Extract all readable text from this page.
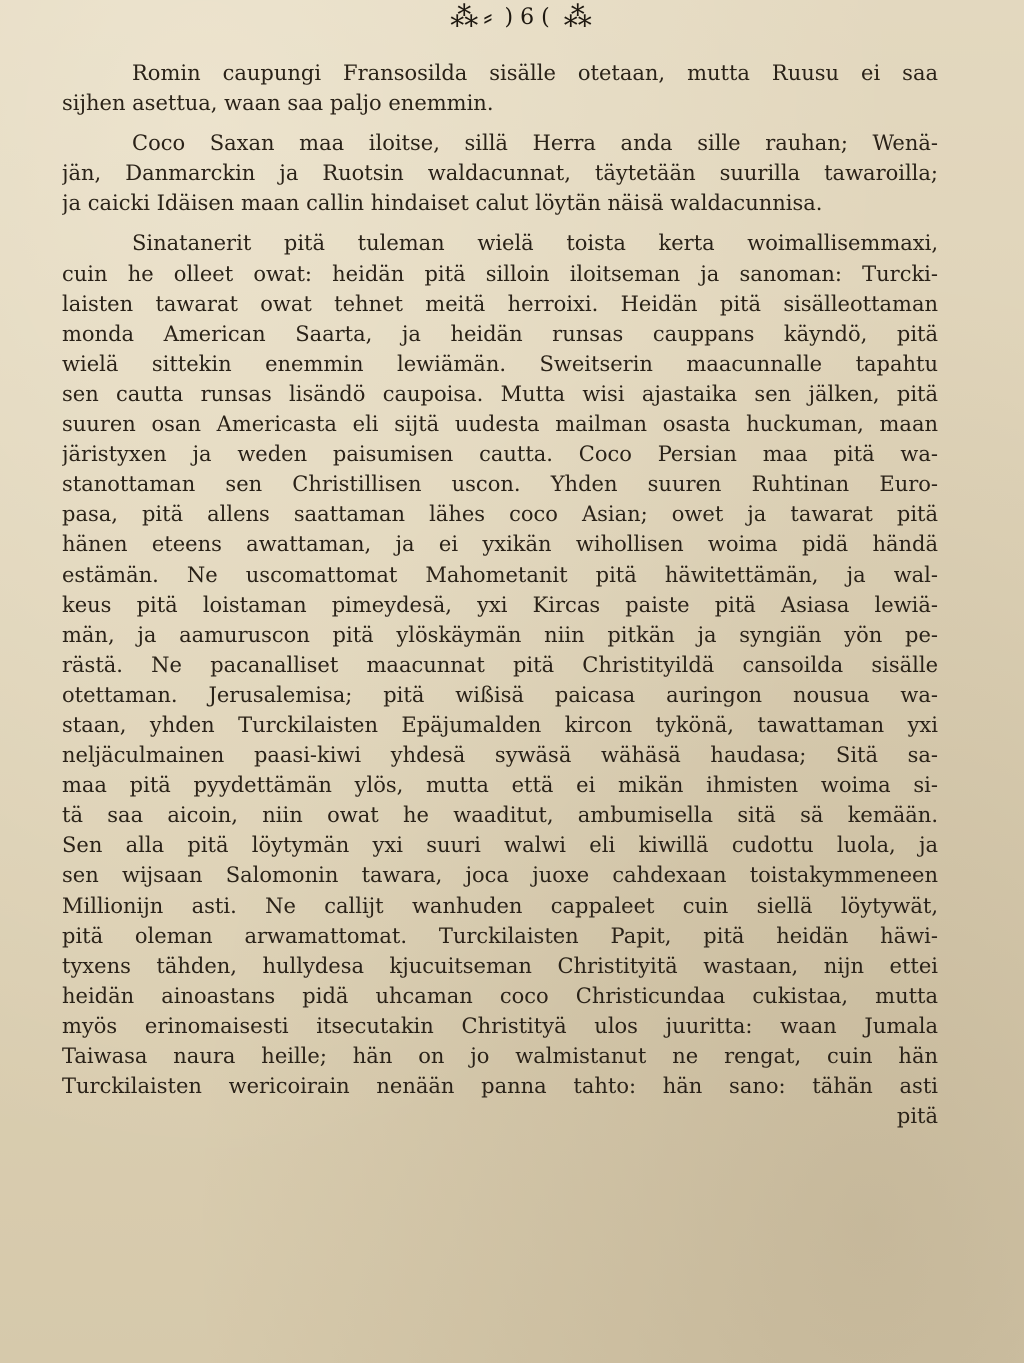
⁂ ⸗ ) 6 ( ⁂
Romin caupungi Fransosilda sisälle otetaan, mutta Ruusu ei saa
sijhen asettua, waan saa paljo enemmin.
Coco Saxan maa iloitse, sillä Herra anda sille rauhan; Wenä-
jän, Danmarckin ja Ruotsin waldacunnat, täytetään suurilla tawaroilla;
ja caicki Idäisen maan callin hindaiset calut löytän näisä waldacunnisa.
Sinatanerit pitä tuleman wielä toista kerta woimallisemmaxi,
cuin he olleet owat: heidän pitä silloin iloitseman ja sanoman: Turcki-
laisten tawarat owat tehnet meitä herroixi. Heidän pitä sisälleottaman
monda American Saarta, ja heidän runsas cauppans käyndö, pitä
wielä sittekin enemmin lewiämän. Sweitserin maacunnalle tapahtu
sen cautta runsas lisändö caupoisa. Mutta wisi ajastaika sen jälken, pitä
suuren osan Americasta eli sijtä uudesta mailman osasta huckuman, maan
järistyxen ja weden paisumisen cautta. Coco Persian maa pitä wa-
stanottaman sen Christillisen uscon. Yhden suuren Ruhtinan Euro-
pasa, pitä allens saattaman lähes coco Asian; owet ja tawarat pitä
hänen eteens awattaman, ja ei yxikän wihollisen woima pidä händä
estämän. Ne uscomattomat Mahometanit pitä häwitettämän, ja wal-
keus pitä loistaman pimeydesä, yxi Kircas paiste pitä Asiasa lewiä-
män, ja aamuruscon pitä ylöskäymän niin pitkän ja syngiän yön pe-
rästä. Ne pacanalliset maacunnat pitä Christityildä cansoilda sisälle
otettaman. Jerusalemisa; pitä wißisä paicasa auringon nousua wa-
staan, yhden Turckilaisten Epäjumalden kircon tykönä, tawattaman yxi
neljäculmainen paasi-kiwi yhdesä sywäsä wähäsä haudasa; Sitä sa-
maa pitä pyydettämän ylös, mutta että ei mikän ihmisten woima si-
tä saa aicoin, niin owat he waaditut, ambumisella sitä sä kemään.
Sen alla pitä löytymän yxi suuri walwi eli kiwillä cudottu luola, ja
sen wijsaan Salomonin tawara, joca juoxe cahdexaan toistakymmeneen
Millionijn asti. Ne callijt wanhuden cappaleet cuin siellä löytywät,
pitä oleman arwamattomat. Turckilaisten Papit, pitä heidän häwi-
tyxens tähden, hullydesa kjucuitseman Christityitä wastaan, nijn ettei
heidän ainoastans pidä uhcaman coco Christicundaa cukistaa, mutta
myös erinomaisesti itsecutakin Christityä ulos juuritta: waan Jumala
Taiwasa naura heille; hän on jo walmistanut ne rengat, cuin hän
Turckilaisten wericoirain nenään panna tahto: hän sano: tähän asti
pitä
